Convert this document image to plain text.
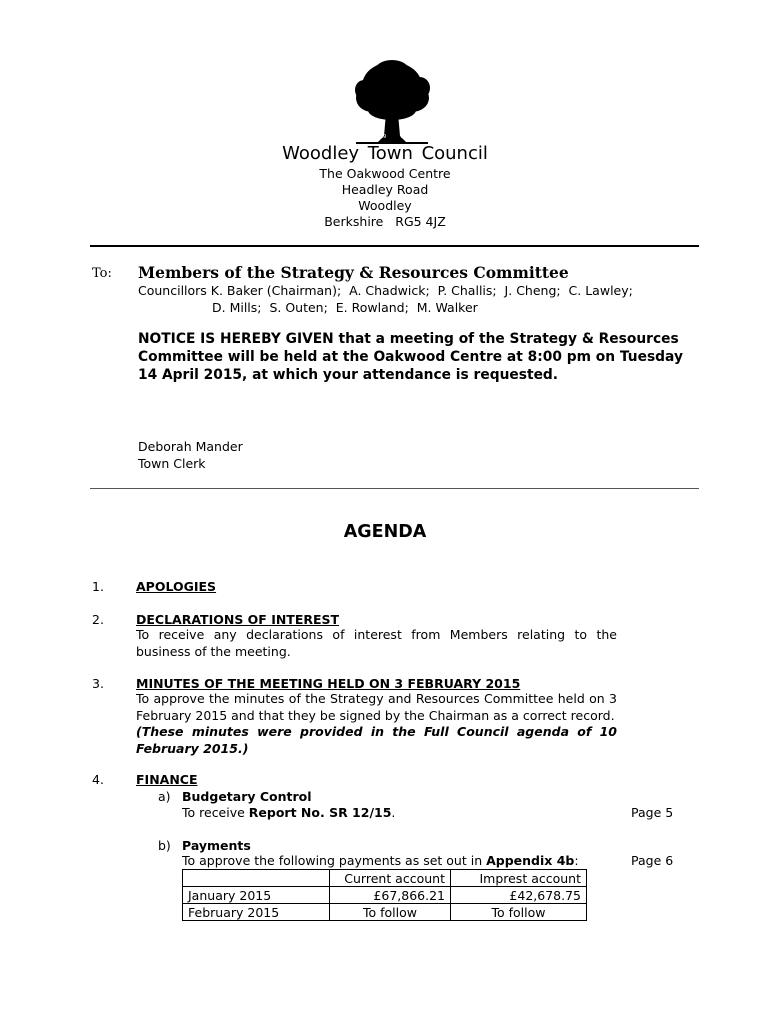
19	74
Woodley Town Council
The Oakwood Centre
Headley Road
Woodley
Berkshire   RG5 4JZ
To: Members of the Strategy & Resources Committee
Councillors K. Baker (Chairman);  A. Chadwick;  P. Challis;  J. Cheng;  C. Lawley;
D. Mills;  S. Outen;  E. Rowland;  M. Walker
NOTICE IS HEREBY GIVEN that a meeting of the Strategy & Resources Committee will be held at the Oakwood Centre at 8:00 pm on Tuesday 14 April 2015, at which your attendance is requested.
Deborah Mander
Town Clerk
AGENDA
1.	APOLOGIES
2.	DECLARATIONS OF INTEREST
To receive any declarations of interest from Members relating to the business of the meeting.
3.	MINUTES OF THE MEETING HELD ON 3 FEBRUARY 2015
To approve the minutes of the Strategy and Resources Committee held on 3 February 2015 and that they be signed by the Chairman as a correct record.
(These minutes were provided in the Full Council agenda of 10 February 2015.)
4.	FINANCE
a) Budgetary Control
To receive Report No. SR 12/15.	Page 5
b) Payments
To approve the following payments as set out in Appendix 4b:	Page 6
	Current account	Imprest account
January 2015	£67,866.21	£42,678.75
February 2015	To follow	To follow
